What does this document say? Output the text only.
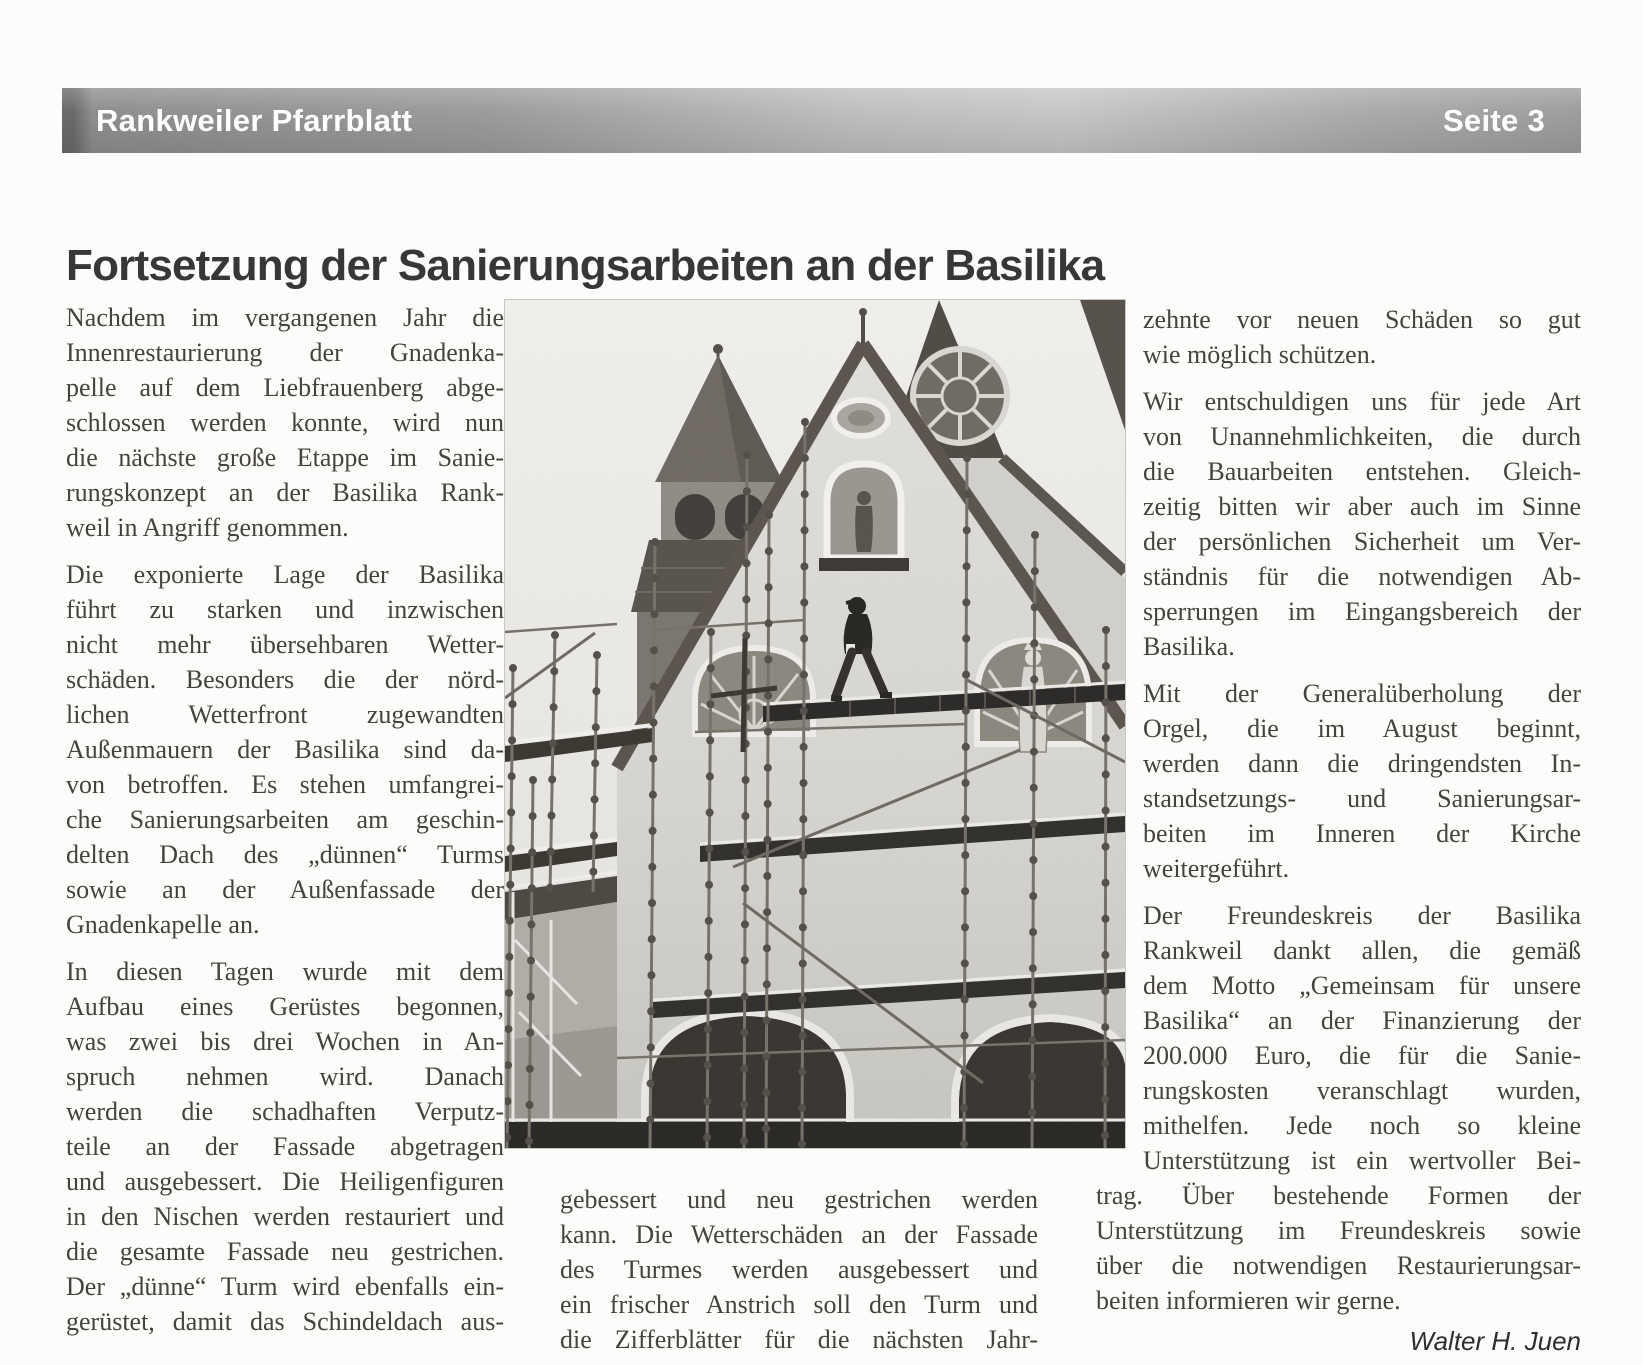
Rankweiler Pfarrblatt	Seite 3
Fortsetzung der Sanierungsarbeiten an der Basilika

Nachdem im vergangenen Jahr die
Innenrestaurierung der Gnadenka-
pelle auf dem Liebfrauenberg abge-
schlossen werden konnte, wird nun
die nächste große Etappe im Sanie-
rungskonzept an der Basilika Rank-
weil in Angriff genommen.

Die exponierte Lage der Basilika
führt zu starken und inzwischen
nicht mehr übersehbaren Wetter-
schäden. Besonders die der nörd-
lichen Wetterfront zugewandten
Außenmauern der Basilika sind da-
von betroffen. Es stehen umfangrei-
che Sanierungsarbeiten am geschin-
delten Dach des „dünnen“ Turms
sowie an der Außenfassade der
Gnadenkapelle an.

In diesen Tagen wurde mit dem
Aufbau eines Gerüstes begonnen,
was zwei bis drei Wochen in An-
spruch nehmen wird. Danach
werden die schadhaften Verputz-
teile an der Fassade abgetragen
und ausgebessert. Die Heiligenfiguren
in den Nischen werden restauriert und
die gesamte Fassade neu gestrichen.
Der „dünne“ Turm wird ebenfalls ein-
gerüstet, damit das Schindeldach aus-

gebessert und neu gestrichen werden
kann. Die Wetterschäden an der Fassade
des Turmes werden ausgebessert und
ein frischer Anstrich soll den Turm und
die Zifferblätter für die nächsten Jahr-

zehnte vor neuen Schäden so gut
wie möglich schützen.

Wir entschuldigen uns für jede Art
von Unannehmlichkeiten, die durch
die Bauarbeiten entstehen. Gleich-
zeitig bitten wir aber auch im Sinne
der persönlichen Sicherheit um Ver-
ständnis für die notwendigen Ab-
sperrungen im Eingangsbereich der
Basilika.

Mit der Generalüberholung der
Orgel, die im August beginnt,
werden dann die dringendsten In-
standsetzungs- und Sanierungsar-
beiten im Inneren der Kirche
weitergeführt.

Der Freundeskreis der Basilika
Rankweil dankt allen, die gemäß
dem Motto „Gemeinsam für unsere
Basilika“ an der Finanzierung der
200.000 Euro, die für die Sanie-
rungskosten veranschlagt wurden,
mithelfen. Jede noch so kleine
Unterstützung ist ein wertvoller Bei-

trag. Über bestehende Formen der
Unterstützung im Freundeskreis sowie
über die notwendigen Restaurierungsar-
beiten informieren wir gerne.

Walter H. Juen
